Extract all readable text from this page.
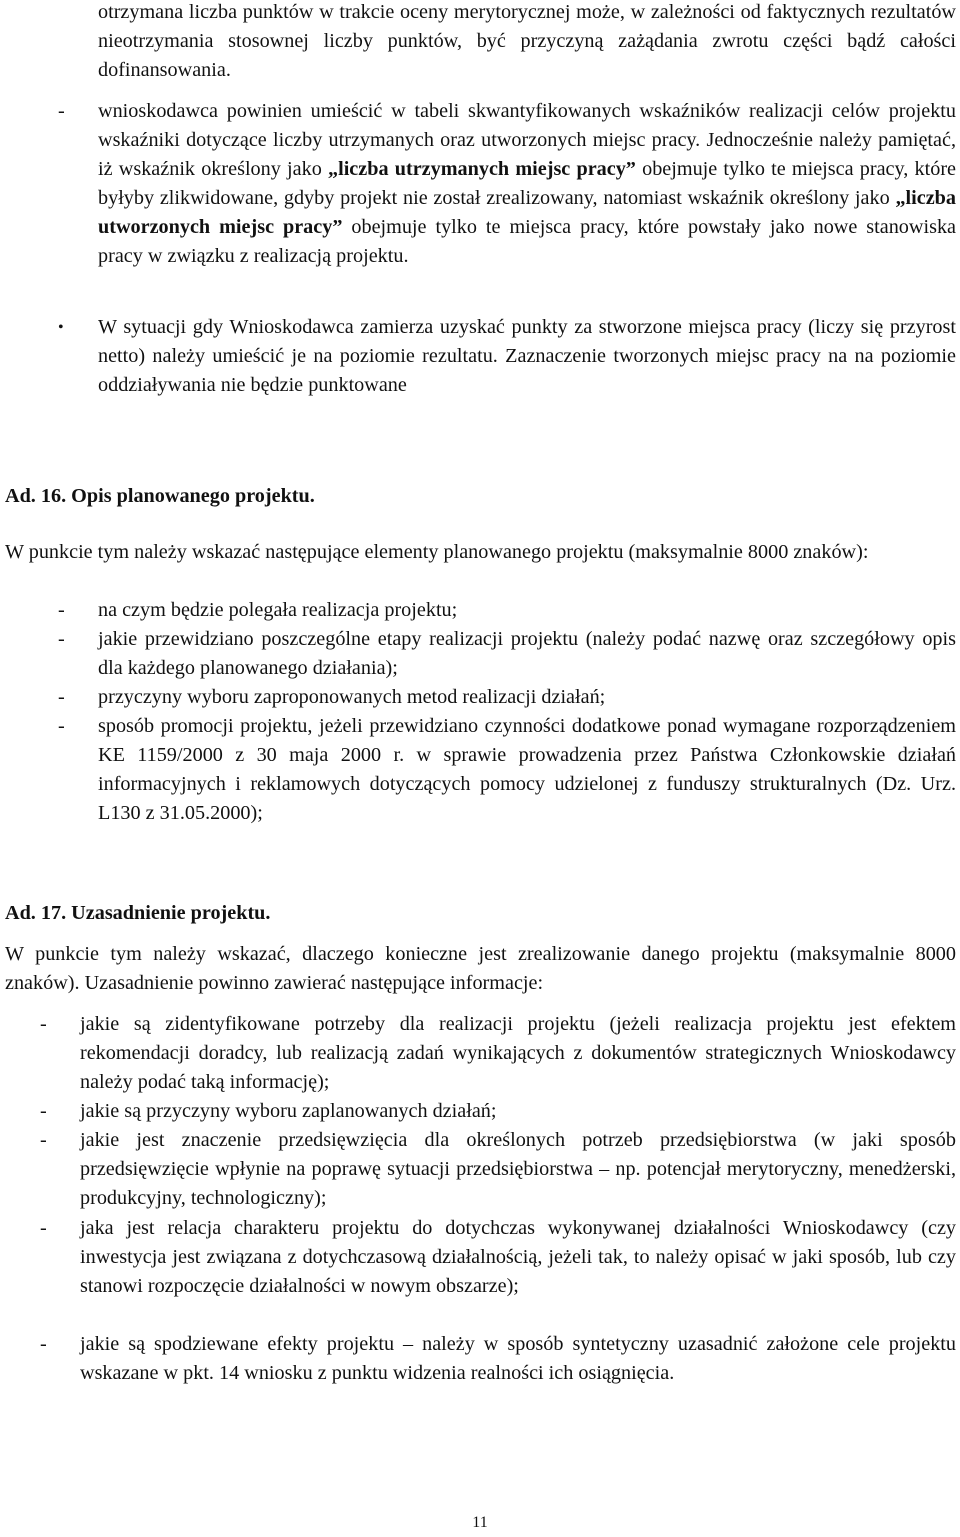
otrzymana liczba punktów w trakcie oceny merytorycznej może, w zależności od faktycznych rezultatów nieotrzymania stosownej liczby punktów, być przyczyną zażądania zwrotu części bądź całości dofinansowania.

- wnioskodawca powinien umieścić w tabeli skwantyfikowanych wskaźników realizacji celów projektu wskaźniki dotyczące liczby utrzymanych oraz utworzonych miejsc pracy. Jednocześnie należy pamiętać, iż wskaźnik określony jako „liczba utrzymanych miejsc pracy” obejmuje tylko te miejsca pracy, które byłyby zlikwidowane, gdyby projekt nie został zrealizowany, natomiast wskaźnik określony jako „liczba utworzonych miejsc pracy” obejmuje tylko te miejsca pracy, które powstały jako nowe stanowiska pracy w związku z realizacją projektu.

•	W sytuacji gdy Wnioskodawca zamierza uzyskać punkty za stworzone miejsca pracy (liczy się przyrost netto) należy umieścić je na poziomie rezultatu. Zaznaczenie tworzonych miejsc pracy na na poziomie oddziaływania nie będzie punktowane

Ad. 16. Opis planowanego projektu.

W punkcie tym należy wskazać następujące elementy planowanego projektu (maksymalnie 8000 znaków):

- na czym będzie polegała realizacja projektu;

- jakie przewidziano poszczególne etapy realizacji projektu (należy podać nazwę oraz szczegółowy opis dla każdego planowanego działania);

- przyczyny wyboru zaproponowanych metod realizacji działań;

- sposób promocji projektu, jeżeli przewidziano czynności dodatkowe ponad wymagane rozporządzeniem KE 1159/2000 z 30 maja 2000 r. w sprawie prowadzenia przez Państwa Członkowskie działań informacyjnych i reklamowych dotyczących pomocy udzielonej z funduszy strukturalnych (Dz. Urz. L130 z 31.05.2000);

Ad. 17. Uzasadnienie projektu.

W punkcie tym należy wskazać, dlaczego konieczne jest zrealizowanie danego projektu (maksymalnie 8000 znaków). Uzasadnienie powinno zawierać następujące informacje:

- jakie są zidentyfikowane potrzeby dla realizacji projektu (jeżeli realizacja projektu jest efektem rekomendacji doradcy, lub realizacją zadań wynikających z dokumentów strategicznych Wnioskodawcy należy podać taką informację);

- jakie są przyczyny wyboru zaplanowanych działań;

- jakie jest znaczenie przedsięwzięcia dla określonych potrzeb przedsiębiorstwa (w jaki sposób przedsięwzięcie wpłynie na poprawę sytuacji przedsiębiorstwa – np. potencjał merytoryczny, menedżerski, produkcyjny, technologiczny);

- jaka jest relacja charakteru projektu do dotychczas wykonywanej działalności Wnioskodawcy (czy inwestycja jest związana z dotychczasową działalnością, jeżeli tak, to należy opisać w jaki sposób, lub czy stanowi rozpoczęcie działalności w nowym obszarze);

- jakie są spodziewane efekty projektu – należy w sposób syntetyczny uzasadnić założone cele projektu wskazane w pkt. 14 wniosku z punktu widzenia realności ich osiągnięcia.

11
